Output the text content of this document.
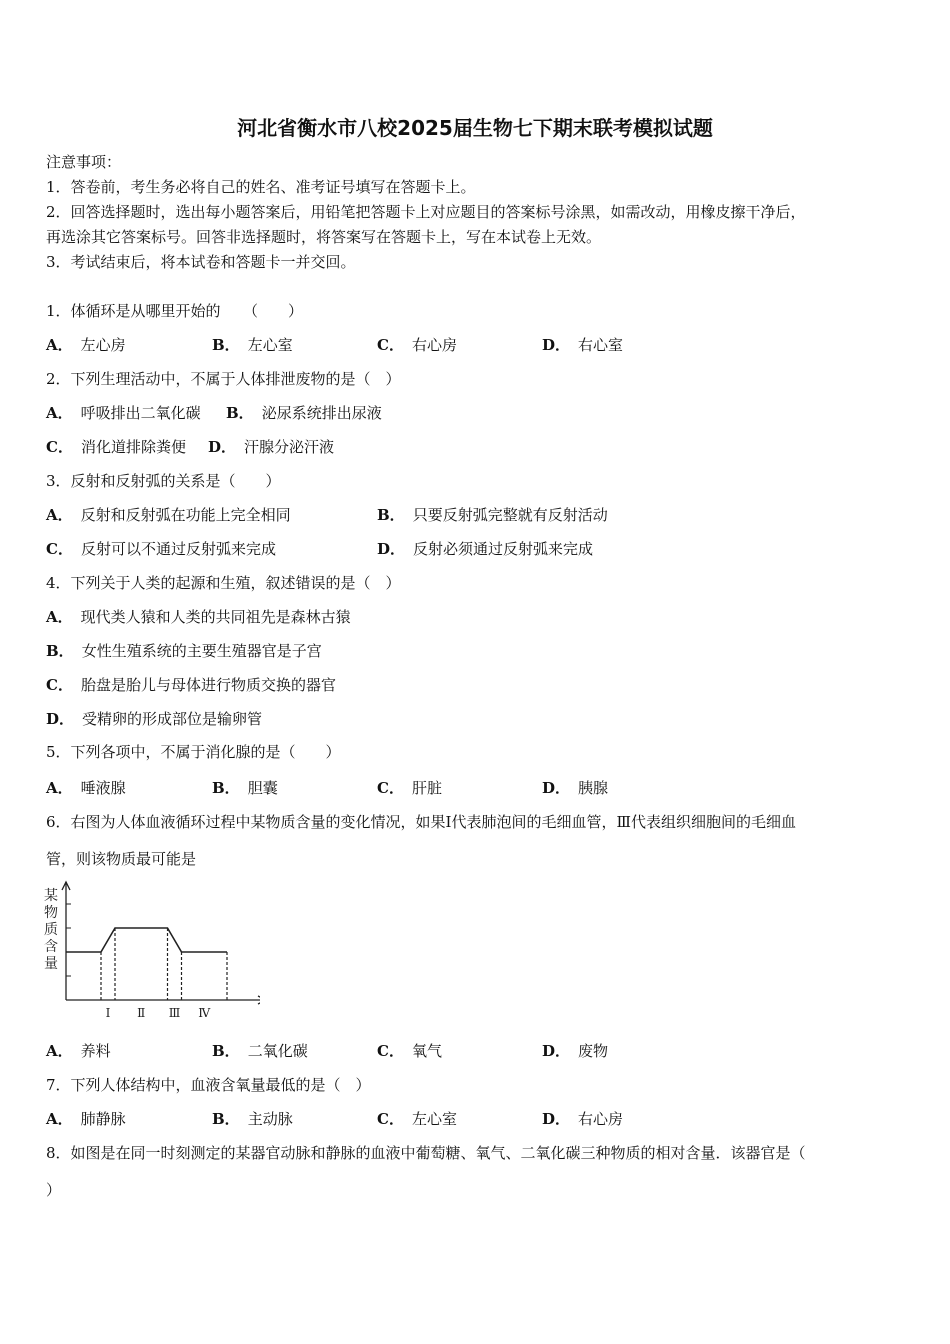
河北省衡水市八校2025届生物七下期末联考模拟试题
注意事项：
1．答卷前，考生务必将自己的姓名、准考证号填写在答题卡上。
2．回答选择题时，选出每小题答案后，用铅笔把答题卡上对应题目的答案标号涂黑，如需改动，用橡皮擦干净后，
再选涂其它答案标号。回答非选择题时，将答案写在答题卡上，写在本试卷上无效。
3．考试结束后，将本试卷和答题卡一并交回。
1．体循环是从哪里开始的　　（　　）
A． 左心房	B． 左心室	C． 右心房	D． 右心室
2．下列生理活动中，不属于人体排泄废物的是（　）
A． 呼吸排出二氧化碳 B． 泌尿系统排出尿液
C． 消化道排除粪便 D． 汗腺分泌汗液
3．反射和反射弧的关系是（　　）
A． 反射和反射弧在功能上完全相同	B． 只要反射弧完整就有反射活动
C． 反射可以不通过反射弧来完成	D． 反射必须通过反射弧来完成
4．下列关于人类的起源和生殖，叙述错误的是（　）
A． 现代类人猿和人类的共同祖先是森林古猿
B． 女性生殖系统的主要生殖器官是子宫
C． 胎盘是胎儿与母体进行物质交换的器官
D． 受精卵的形成部位是输卵管
5．下列各项中，不属于消化腺的是（　　）
A． 唾液腺	B． 胆囊	C． 肝脏	D． 胰腺
6．右图为人体血液循环过程中某物质含量的变化情况，如果Ⅰ代表肺泡间的毛细血管，Ⅲ代表组织细胞间的毛细血
管，则该物质最可能是
某物质含量
Ⅰ Ⅱ Ⅲ Ⅳ
A． 养料	B． 二氧化碳	C． 氧气	D． 废物
7．下列人体结构中，血液含氧量最低的是（　）
A． 肺静脉	B． 主动脉	C． 左心室	D． 右心房
8．如图是在同一时刻测定的某器官动脉和静脉的血液中葡萄糖、氧气、二氧化碳三种物质的相对含量．该器官是（
）
